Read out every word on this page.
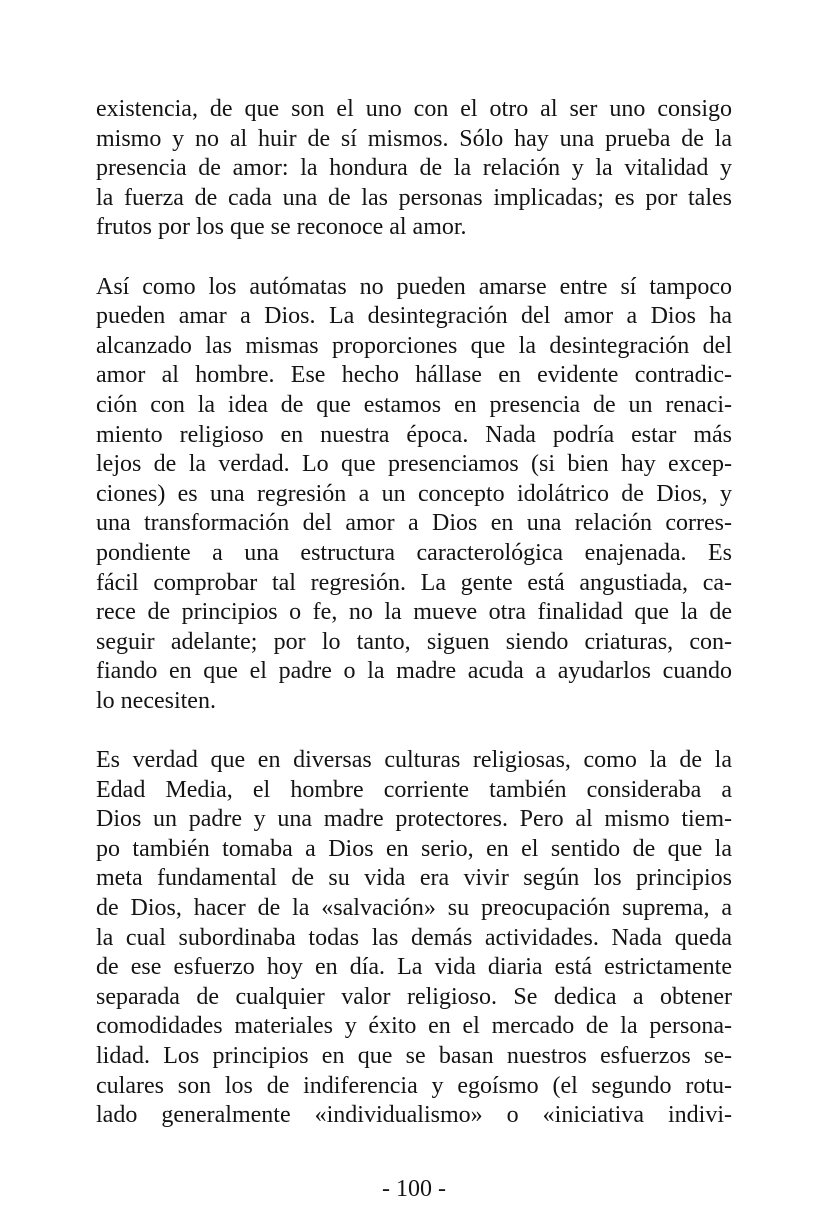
existencia, de que son el uno con el otro al ser uno consigo
mismo y no al huir de sí mismos. Sólo hay una prueba de la
presencia de amor: la hondura de la relación y la vitalidad y
la fuerza de cada una de las personas implicadas; es por tales
frutos por los que se reconoce al amor.
Así como los autómatas no pueden amarse entre sí tampoco
pueden amar a Dios. La desintegración del amor a Dios ha
alcanzado las mismas proporciones que la desintegración del
amor al hombre. Ese hecho hállase en evidente contradic-
ción con la idea de que estamos en presencia de un renaci-
miento religioso en nuestra época. Nada podría estar más
lejos de la verdad. Lo que presenciamos (si bien hay excep-
ciones) es una regresión a un concepto idolátrico de Dios, y
una transformación del amor a Dios en una relación corres-
pondiente a una estructura caracterológica enajenada. Es
fácil comprobar tal regresión. La gente está angustiada, ca-
rece de principios o fe, no la mueve otra finalidad que la de
seguir adelante; por lo tanto, siguen siendo criaturas, con-
fiando en que el padre o la madre acuda a ayudarlos cuando
lo necesiten.
Es verdad que en diversas culturas religiosas, como la de la
Edad Media, el hombre corriente también consideraba a
Dios un padre y una madre protectores. Pero al mismo tiem-
po también tomaba a Dios en serio, en el sentido de que la
meta fundamental de su vida era vivir según los principios
de Dios, hacer de la «salvación» su preocupación suprema, a
la cual subordinaba todas las demás actividades. Nada queda
de ese esfuerzo hoy en día. La vida diaria está estrictamente
separada de cualquier valor religioso. Se dedica a obtener
comodidades materiales y éxito en el mercado de la persona-
lidad. Los principios en que se basan nuestros esfuerzos se-
culares son los de indiferencia y egoísmo (el segundo rotu-
lado generalmente «individualismo» o «iniciativa indivi-
- 100 -
